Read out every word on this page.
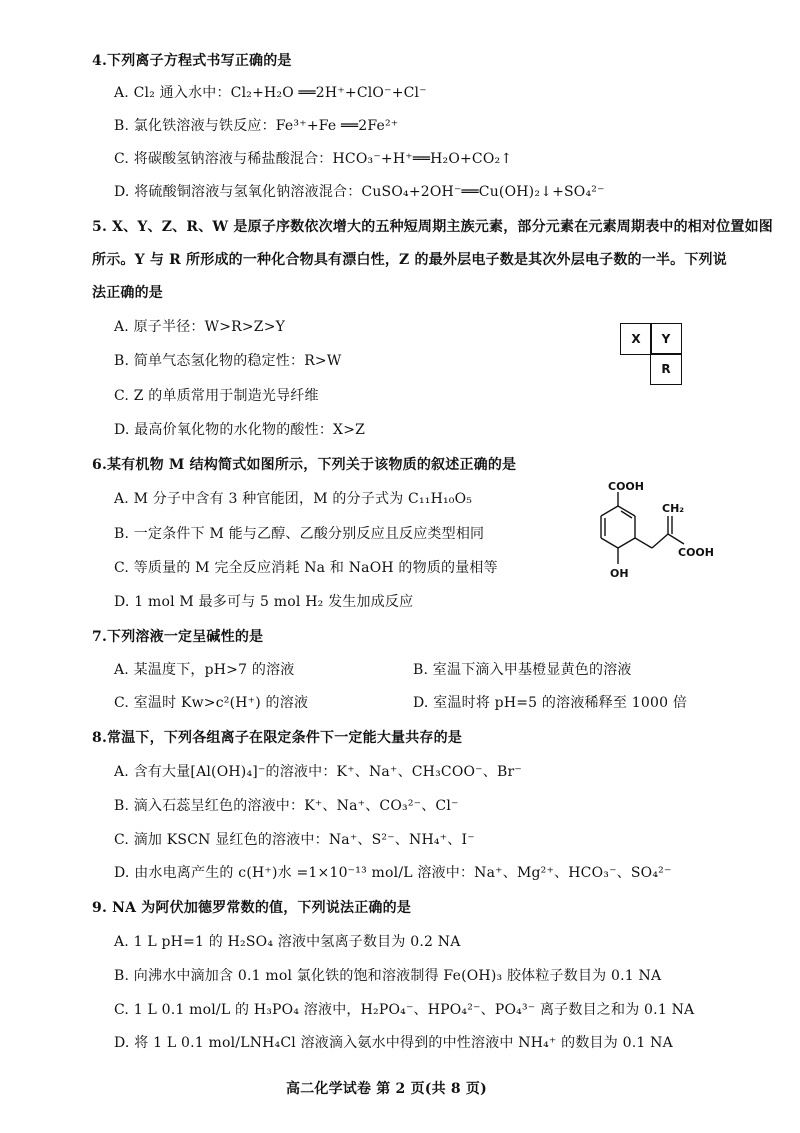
4.下列离子方程式书写正确的是
A. Cl₂ 通入水中：Cl₂+H₂O ══2H⁺+ClO⁻+Cl⁻
B. 氯化铁溶液与铁反应：Fe³⁺+Fe ══2Fe²⁺
C. 将碳酸氢钠溶液与稀盐酸混合：HCO₃⁻+H⁺══H₂O+CO₂↑
D. 将硫酸铜溶液与氢氧化钠溶液混合：CuSO₄+2OH⁻══Cu(OH)₂↓+SO₄²⁻
5. X、Y、Z、R、W 是原子序数依次增大的五种短周期主族元素，部分元素在元素周期表中的相对位置如图
所示。Y 与 R 所形成的一种化合物具有漂白性，Z 的最外层电子数是其次外层电子数的一半。下列说
法正确的是
A. 原子半径：W>R>Z>Y
B. 简单气态氢化物的稳定性：R>W
C. Z 的单质常用于制造光导纤维
D. 最高价氧化物的水化物的酸性：X>Z
X	Y
R
6.某有机物 M 结构简式如图所示，下列关于该物质的叙述正确的是
A. M 分子中含有 3 种官能团，M 的分子式为 C₁₁H₁₀O₅
B. 一定条件下 M 能与乙醇、乙酸分别反应且反应类型相同
C. 等质量的 M 完全反应消耗 Na 和 NaOH 的物质的量相等
D. 1 mol M 最多可与 5 mol H₂ 发生加成反应
COOH
CH₂
COOH
OH
7.下列溶液一定呈碱性的是
A. 某温度下，pH>7 的溶液	B. 室温下滴入甲基橙显黄色的溶液
C. 室温时 Kw>c²(H⁺) 的溶液	D. 室温时将 pH=5 的溶液稀释至 1000 倍
8.常温下，下列各组离子在限定条件下一定能大量共存的是
A. 含有大量[Al(OH)₄]⁻的溶液中：K⁺、Na⁺、CH₃COO⁻、Br⁻
B. 滴入石蕊呈红色的溶液中：K⁺、Na⁺、CO₃²⁻、Cl⁻
C. 滴加 KSCN 显红色的溶液中：Na⁺、S²⁻、NH₄⁺、I⁻
D. 由水电离产生的 c(H⁺)水 =1×10⁻¹³ mol/L 溶液中：Na⁺、Mg²⁺、HCO₃⁻、SO₄²⁻
9. NA 为阿伏加德罗常数的值，下列说法正确的是
A. 1 L pH=1 的 H₂SO₄ 溶液中氢离子数目为 0.2 NA
B. 向沸水中滴加含 0.1 mol 氯化铁的饱和溶液制得 Fe(OH)₃ 胶体粒子数目为 0.1 NA
C. 1 L 0.1 mol/L 的 H₃PO₄ 溶液中，H₂PO₄⁻、HPO₄²⁻、PO₄³⁻ 离子数目之和为 0.1 NA
D. 将 1 L 0.1 mol/LNH₄Cl 溶液滴入氨水中得到的中性溶液中 NH₄⁺ 的数目为 0.1 NA
高二化学试卷 第 2 页(共 8 页)
